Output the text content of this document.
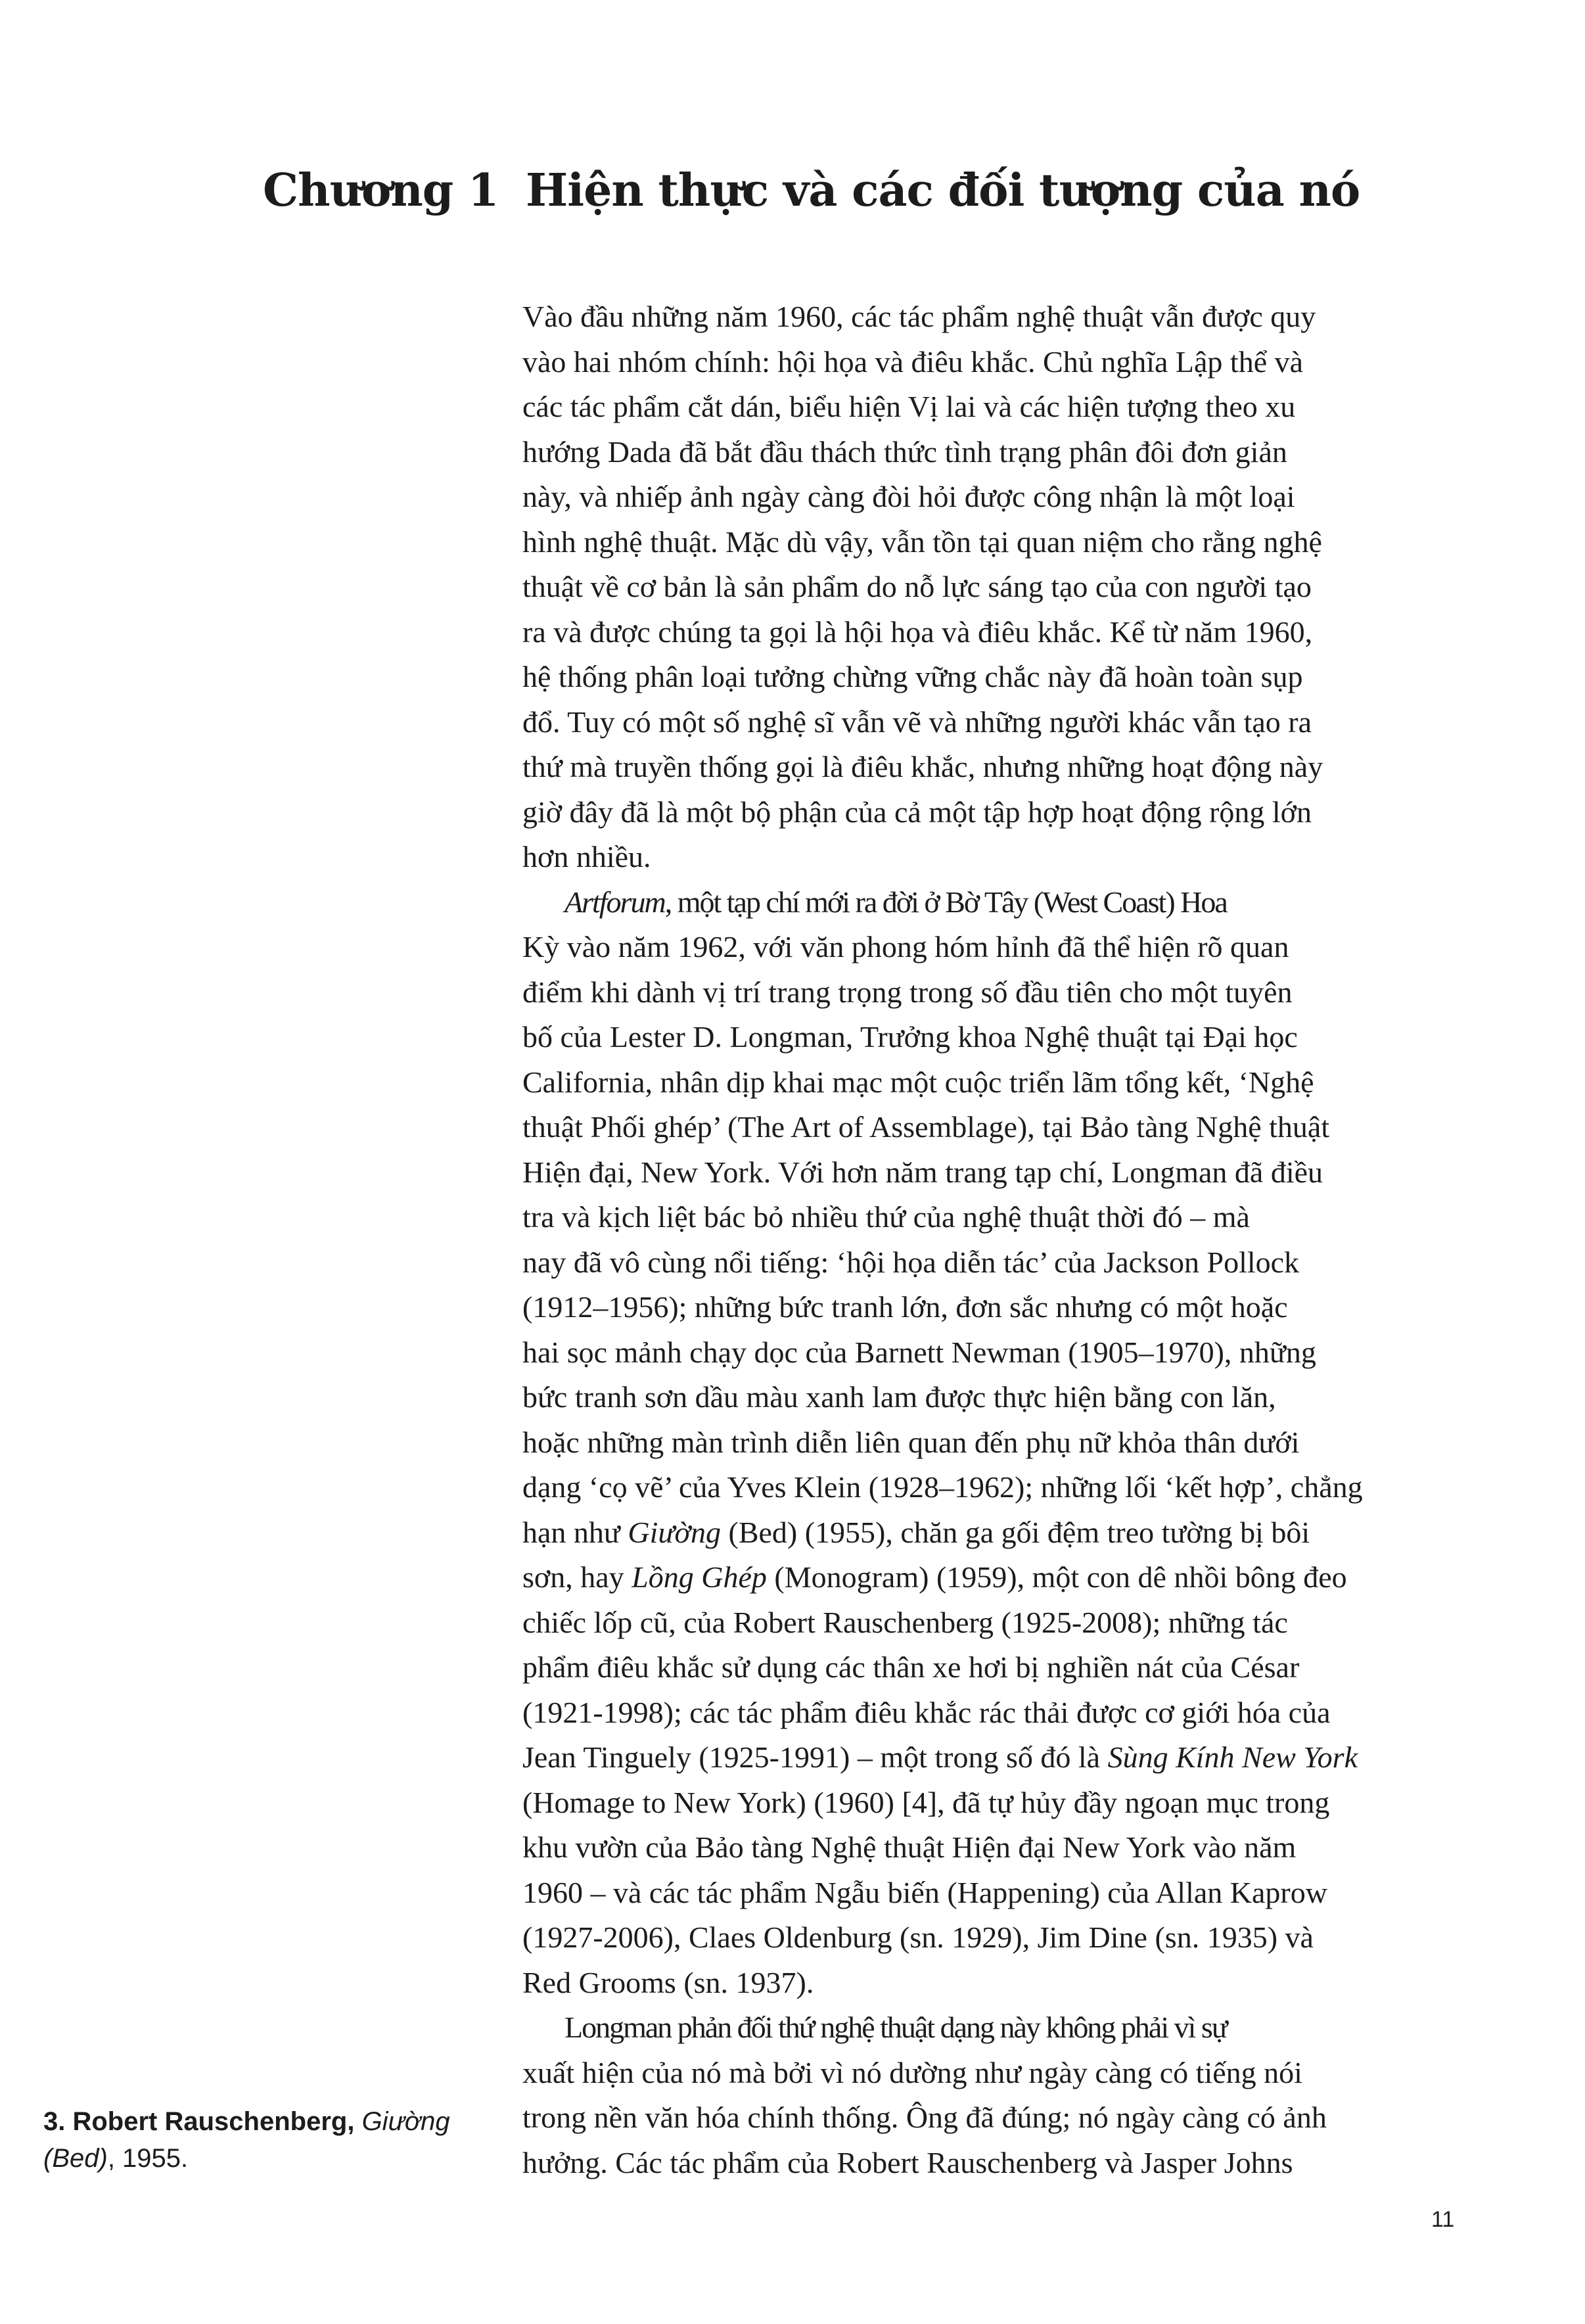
Chương 1 Hiện thực và các đối tượng của nó
Vào đầu những năm 1960, các tác phẩm nghệ thuật vẫn được quy
vào hai nhóm chính: hội họa và điêu khắc. Chủ nghĩa Lập thể và
các tác phẩm cắt dán, biểu hiện Vị lai và các hiện tượng theo xu
hướng Dada đã bắt đầu thách thức tình trạng phân đôi đơn giản
này, và nhiếp ảnh ngày càng đòi hỏi được công nhận là một loại
hình nghệ thuật. Mặc dù vậy, vẫn tồn tại quan niệm cho rằng nghệ
thuật về cơ bản là sản phẩm do nỗ lực sáng tạo của con người tạo
ra và được chúng ta gọi là hội họa và điêu khắc. Kể từ năm 1960,
hệ thống phân loại tưởng chừng vững chắc này đã hoàn toàn sụp
đổ. Tuy có một số nghệ sĩ vẫn vẽ và những người khác vẫn tạo ra
thứ mà truyền thống gọi là điêu khắc, nhưng những hoạt động này
giờ đây đã là một bộ phận của cả một tập hợp hoạt động rộng lớn
hơn nhiều.
Artforum, một tạp chí mới ra đời ở Bờ Tây (West Coast) Hoa
Kỳ vào năm 1962, với văn phong hóm hỉnh đã thể hiện rõ quan
điểm khi dành vị trí trang trọng trong số đầu tiên cho một tuyên
bố của Lester D. Longman, Trưởng khoa Nghệ thuật tại Đại học
California, nhân dịp khai mạc một cuộc triển lãm tổng kết, ‘Nghệ
thuật Phối ghép’ (The Art of Assemblage), tại Bảo tàng Nghệ thuật
Hiện đại, New York. Với hơn năm trang tạp chí, Longman đã điều
tra và kịch liệt bác bỏ nhiều thứ của nghệ thuật thời đó – mà
nay đã vô cùng nổi tiếng: ‘hội họa diễn tác’ của Jackson Pollock
(1912–1956); những bức tranh lớn, đơn sắc nhưng có một hoặc
hai sọc mảnh chạy dọc của Barnett Newman (1905–1970), những
bức tranh sơn dầu màu xanh lam được thực hiện bằng con lăn,
hoặc những màn trình diễn liên quan đến phụ nữ khỏa thân dưới
dạng ‘cọ vẽ’ của Yves Klein (1928–1962); những lối ‘kết hợp’, chẳng
hạn như Giường (Bed) (1955), chăn ga gối đệm treo tường bị bôi
sơn, hay Lồng Ghép (Monogram) (1959), một con dê nhồi bông đeo
chiếc lốp cũ, của Robert Rauschenberg (1925-2008); những tác
phẩm điêu khắc sử dụng các thân xe hơi bị nghiền nát của César
(1921-1998); các tác phẩm điêu khắc rác thải được cơ giới hóa của
Jean Tinguely (1925-1991) – một trong số đó là Sùng Kính New York
(Homage to New York) (1960) [4], đã tự hủy đầy ngoạn mục trong
khu vườn của Bảo tàng Nghệ thuật Hiện đại New York vào năm
1960 – và các tác phẩm Ngẫu biến (Happening) của Allan Kaprow
(1927-2006), Claes Oldenburg (sn. 1929), Jim Dine (sn. 1935) và
Red Grooms (sn. 1937).
Longman phản đối thứ nghệ thuật dạng này không phải vì sự
xuất hiện của nó mà bởi vì nó dường như ngày càng có tiếng nói
trong nền văn hóa chính thống. Ông đã đúng; nó ngày càng có ảnh
hưởng. Các tác phẩm của Robert Rauschenberg và Jasper Johns
3. Robert Rauschenberg, Giường (Bed), 1955.
11
